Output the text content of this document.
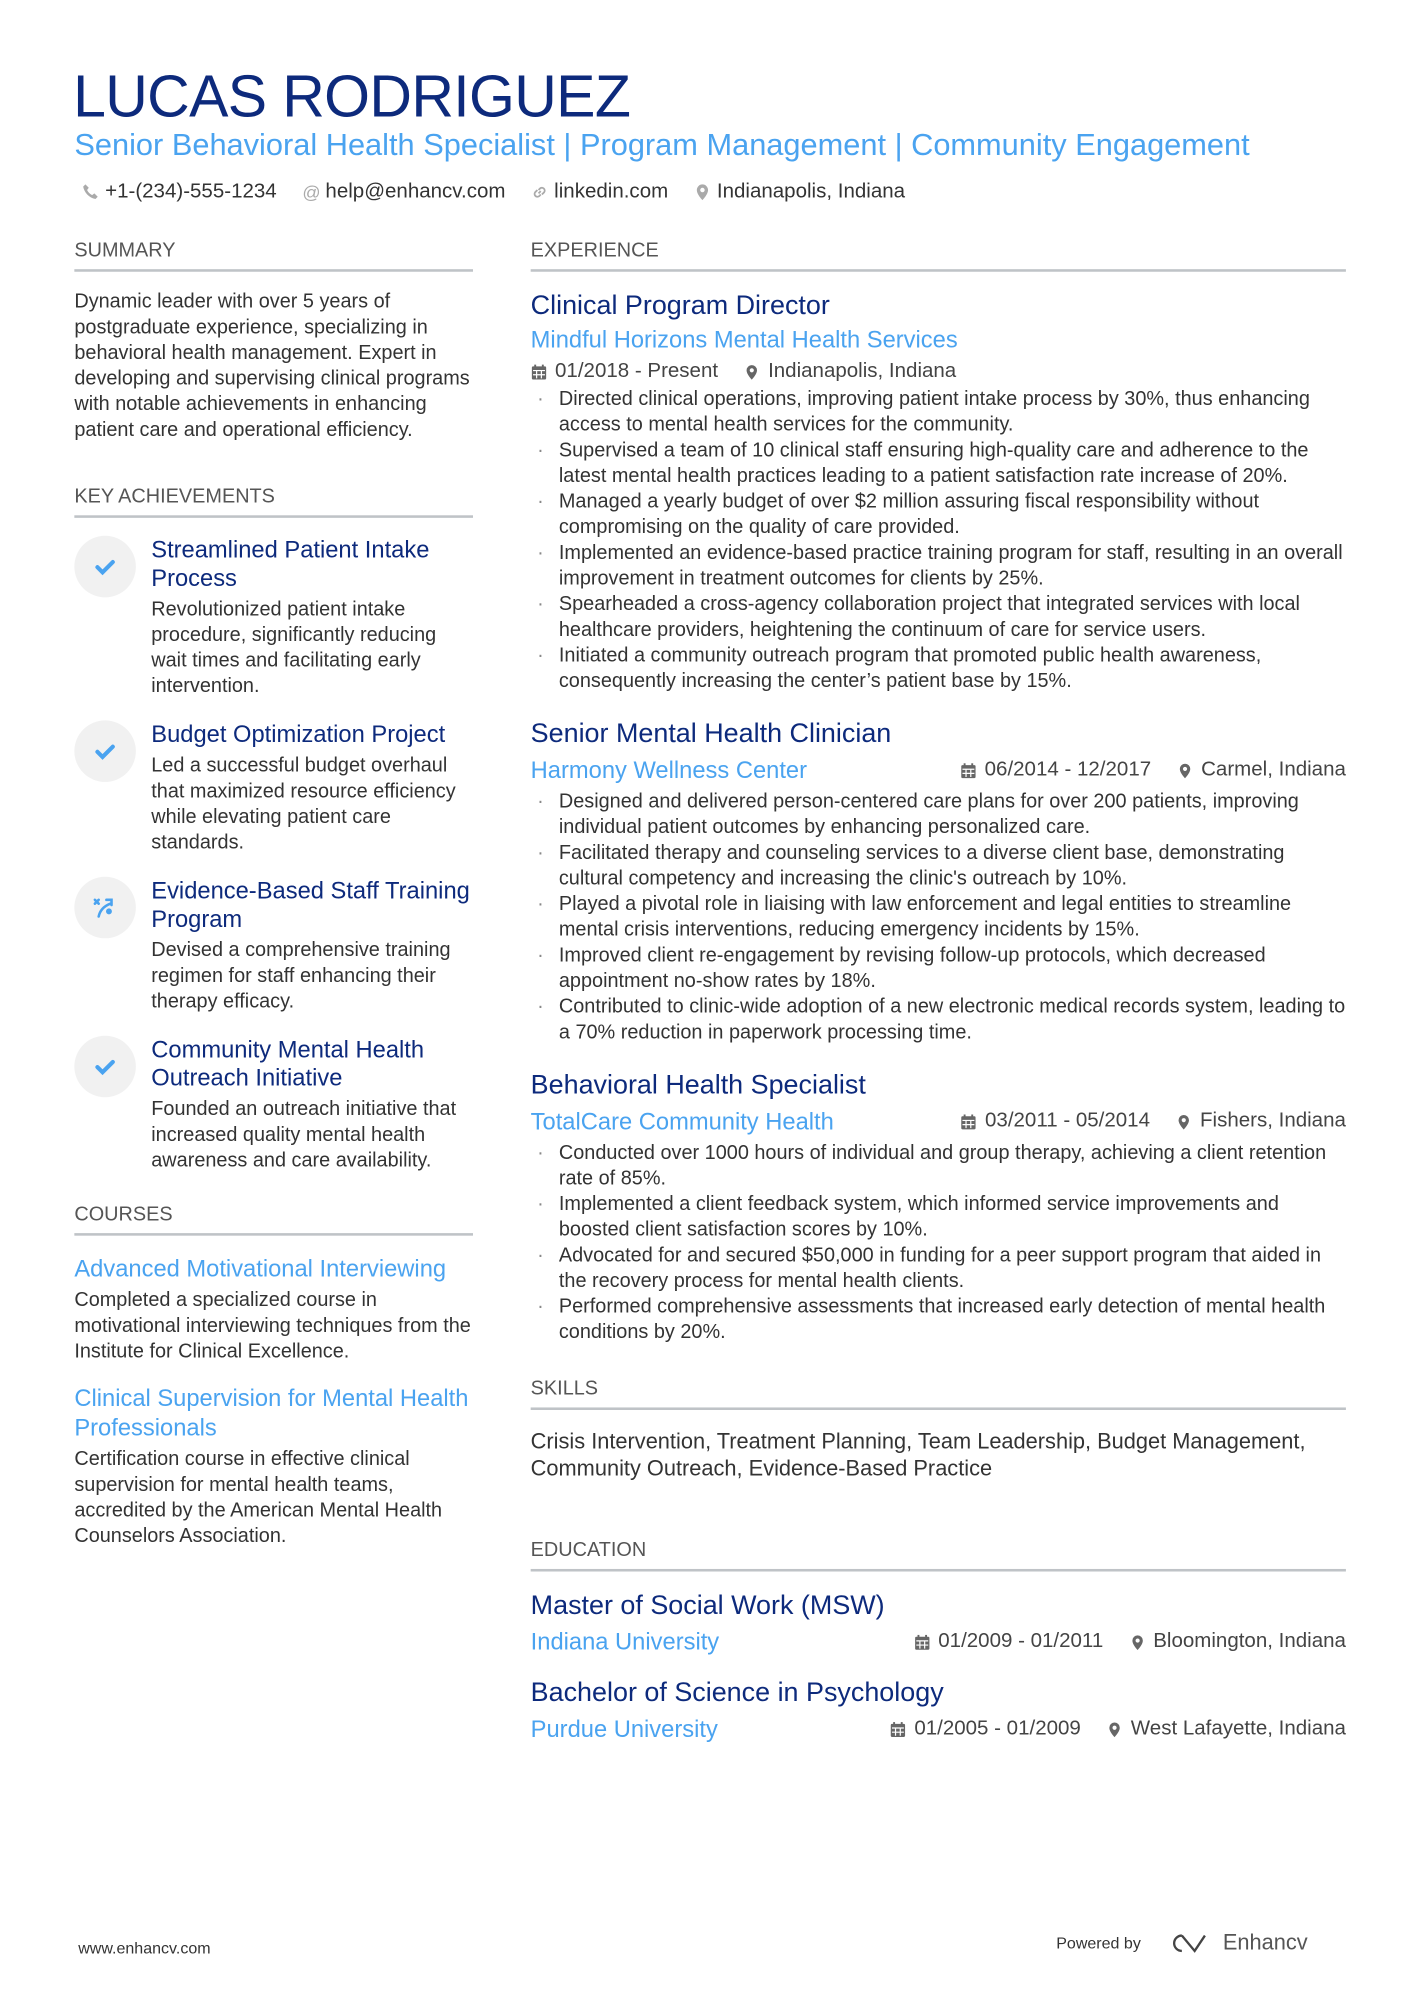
LUCAS RODRIGUEZ
Senior Behavioral Health Specialist | Program Management | Community Engagement
+1-(234)-555-1234 @ help@enhancv.com	linkedin.com	Indianapolis, Indiana
SUMMARY
Dynamic leader with over 5 years of postgraduate experience, specializing in behavioral health management. Expert in developing and supervising clinical programs with notable achievements in enhancing patient care and operational efficiency.
KEY ACHIEVEMENTS
Streamlined Patient Intake Process
Revolutionized patient intake procedure, significantly reducing wait times and facilitating early intervention.
Budget Optimization Project
Led a successful budget overhaul that maximized resource efficiency while elevating patient care standards.
Evidence-Based Staff Training Program
Devised a comprehensive training regimen for staff enhancing their therapy efficacy.
Community Mental Health Outreach Initiative
Founded an outreach initiative that increased quality mental health awareness and care availability.
COURSES
Advanced Motivational Interviewing
Completed a specialized course in motivational interviewing techniques from the Institute for Clinical Excellence.
Clinical Supervision for Mental Health Professionals
Certification course in effective clinical supervision for mental health teams, accredited by the American Mental Health Counselors Association.
EXPERIENCE
Clinical Program Director
Mindful Horizons Mental Health Services
01/2018 - Present	Indianapolis, Indiana
· Directed clinical operations, improving patient intake process by 30%, thus enhancing access to mental health services for the community.
· Supervised a team of 10 clinical staff ensuring high-quality care and adherence to the latest mental health practices leading to a patient satisfaction rate increase of 20%.
· Managed a yearly budget of over $2 million assuring fiscal responsibility without compromising on the quality of care provided.
· Implemented an evidence-based practice training program for staff, resulting in an overall improvement in treatment outcomes for clients by 25%.
· Spearheaded a cross-agency collaboration project that integrated services with local healthcare providers, heightening the continuum of care for service users.
· Initiated a community outreach program that promoted public health awareness, consequently increasing the center’s patient base by 15%.
Senior Mental Health Clinician
Harmony Wellness Center	06/2014 - 12/2017	Carmel, Indiana
· Designed and delivered person-centered care plans for over 200 patients, improving individual patient outcomes by enhancing personalized care.
· Facilitated therapy and counseling services to a diverse client base, demonstrating cultural competency and increasing the clinic's outreach by 10%.
· Played a pivotal role in liaising with law enforcement and legal entities to streamline mental crisis interventions, reducing emergency incidents by 15%.
· Improved client re-engagement by revising follow-up protocols, which decreased appointment no-show rates by 18%.
· Contributed to clinic-wide adoption of a new electronic medical records system, leading to a 70% reduction in paperwork processing time.
Behavioral Health Specialist
TotalCare Community Health	03/2011 - 05/2014	Fishers, Indiana
· Conducted over 1000 hours of individual and group therapy, achieving a client retention rate of 85%.
· Implemented a client feedback system, which informed service improvements and boosted client satisfaction scores by 10%.
· Advocated for and secured $50,000 in funding for a peer support program that aided in the recovery process for mental health clients.
· Performed comprehensive assessments that increased early detection of mental health conditions by 20%.
SKILLS
Crisis Intervention, Treatment Planning, Team Leadership, Budget Management, Community Outreach, Evidence-Based Practice
EDUCATION
Master of Social Work (MSW)
Indiana University	01/2009 - 01/2011	Bloomington, Indiana
Bachelor of Science in Psychology
Purdue University	01/2005 - 01/2009	West Lafayette, Indiana
www.enhancv.com	Powered by	Enhancv
